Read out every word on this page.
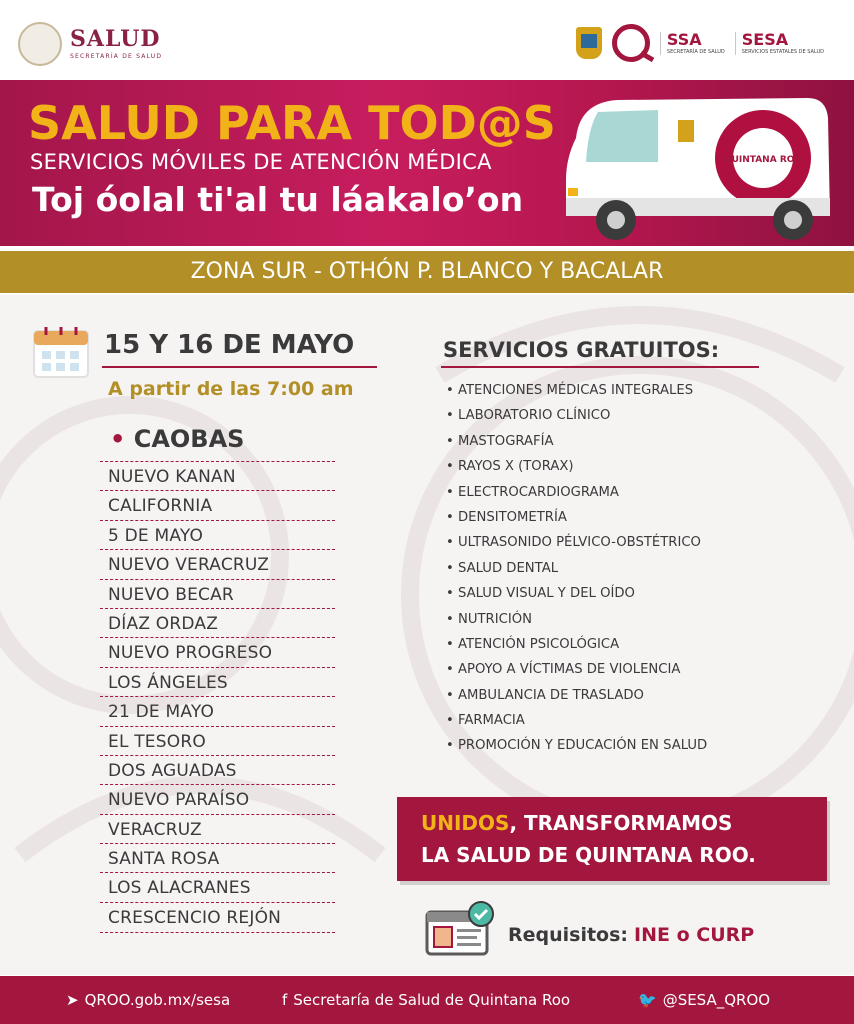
SALUD
SECRETARÍA DE SALUD
SSA
SECRETARÍA DE SALUD
SESA
SERVICIOS ESTATALES DE SALUD
SALUD PARA TOD@S
SERVICIOS MÓVILES DE ATENCIÓN MÉDICA
Toj óolal ti'al tu láakalo’on
QUINTANA ROO
ZONA SUR - OTHÓN P. BLANCO Y BACALAR
15 Y 16 DE MAYO
A partir de las 7:00 am
• CAOBAS
NUEVO KANAN
CALIFORNIA
5 DE MAYO
NUEVO VERACRUZ
NUEVO BECAR
DÍAZ ORDAZ
NUEVO PROGRESO
LOS ÁNGELES
21 DE MAYO
EL TESORO
DOS AGUADAS
NUEVO PARAÍSO
VERACRUZ
SANTA ROSA
LOS ALACRANES
CRESCENCIO REJÓN
SERVICIOS GRATUITOS:
• ATENCIONES MÉDICAS INTEGRALES
• LABORATORIO CLÍNICO
• MASTOGRAFÍA
• RAYOS X (TORAX)
• ELECTROCARDIOGRAMA
• DENSITOMETRÍA
• ULTRASONIDO PÉLVICO-OBSTÉTRICO
• SALUD DENTAL
• SALUD VISUAL Y DEL OÍDO
• NUTRICIÓN
• ATENCIÓN PSICOLÓGICA
• APOYO A VÍCTIMAS DE VIOLENCIA
• AMBULANCIA DE TRASLADO
• FARMACIA
• PROMOCIÓN Y EDUCACIÓN EN SALUD
UNIDOS, TRANSFORMAMOS
LA SALUD DE QUINTANA ROO.
Requisitos: INE o CURP
➤ QROO.gob.mx/sesa	f Secretaría de Salud de Quintana Roo	🐦 @SESA_QROO
